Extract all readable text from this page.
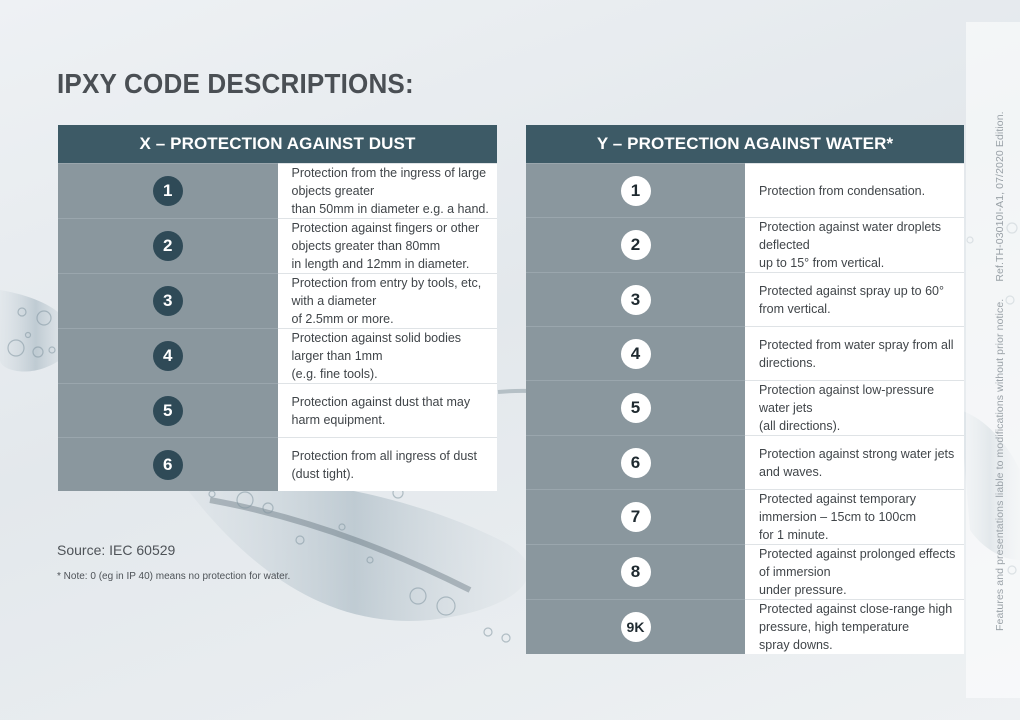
Features and presentations liable to modifications without prior notice. Ref.TH-03010I-A1, 07/2020 Edition.
IPXY CODE DESCRIPTIONS:
X – PROTECTION AGAINST DUST	
1	Protection from the ingress of large objects greater
than 50mm in diameter e.g. a hand.
2	Protection against fingers or other objects greater than 80mm
in length and 12mm in diameter.
3	Protection from entry by tools, etc, with a diameter
of 2.5mm or more.
4	Protection against solid bodies larger than 1mm
(e.g. fine tools).
5	Protection against dust that may harm equipment.
6	Protection from all ingress of dust (dust tight).
Y – PROTECTION AGAINST WATER*	
1	Protection from condensation.
2	Protection against water droplets deflected
up to 15° from vertical.
3	Protected against spray up to 60° from vertical.
4	Protected from water spray from all directions.
5	Protection against low-pressure water jets
(all directions).
6	Protection against strong water jets and waves.
7	Protected against temporary immersion – 15cm to 100cm
for 1 minute.
8	Protected against prolonged effects of immersion
under pressure.
9K	Protected against close-range high pressure, high temperature
spray downs.
Source: IEC 60529
* Note: 0 (eg in IP 40) means no protection for water.
